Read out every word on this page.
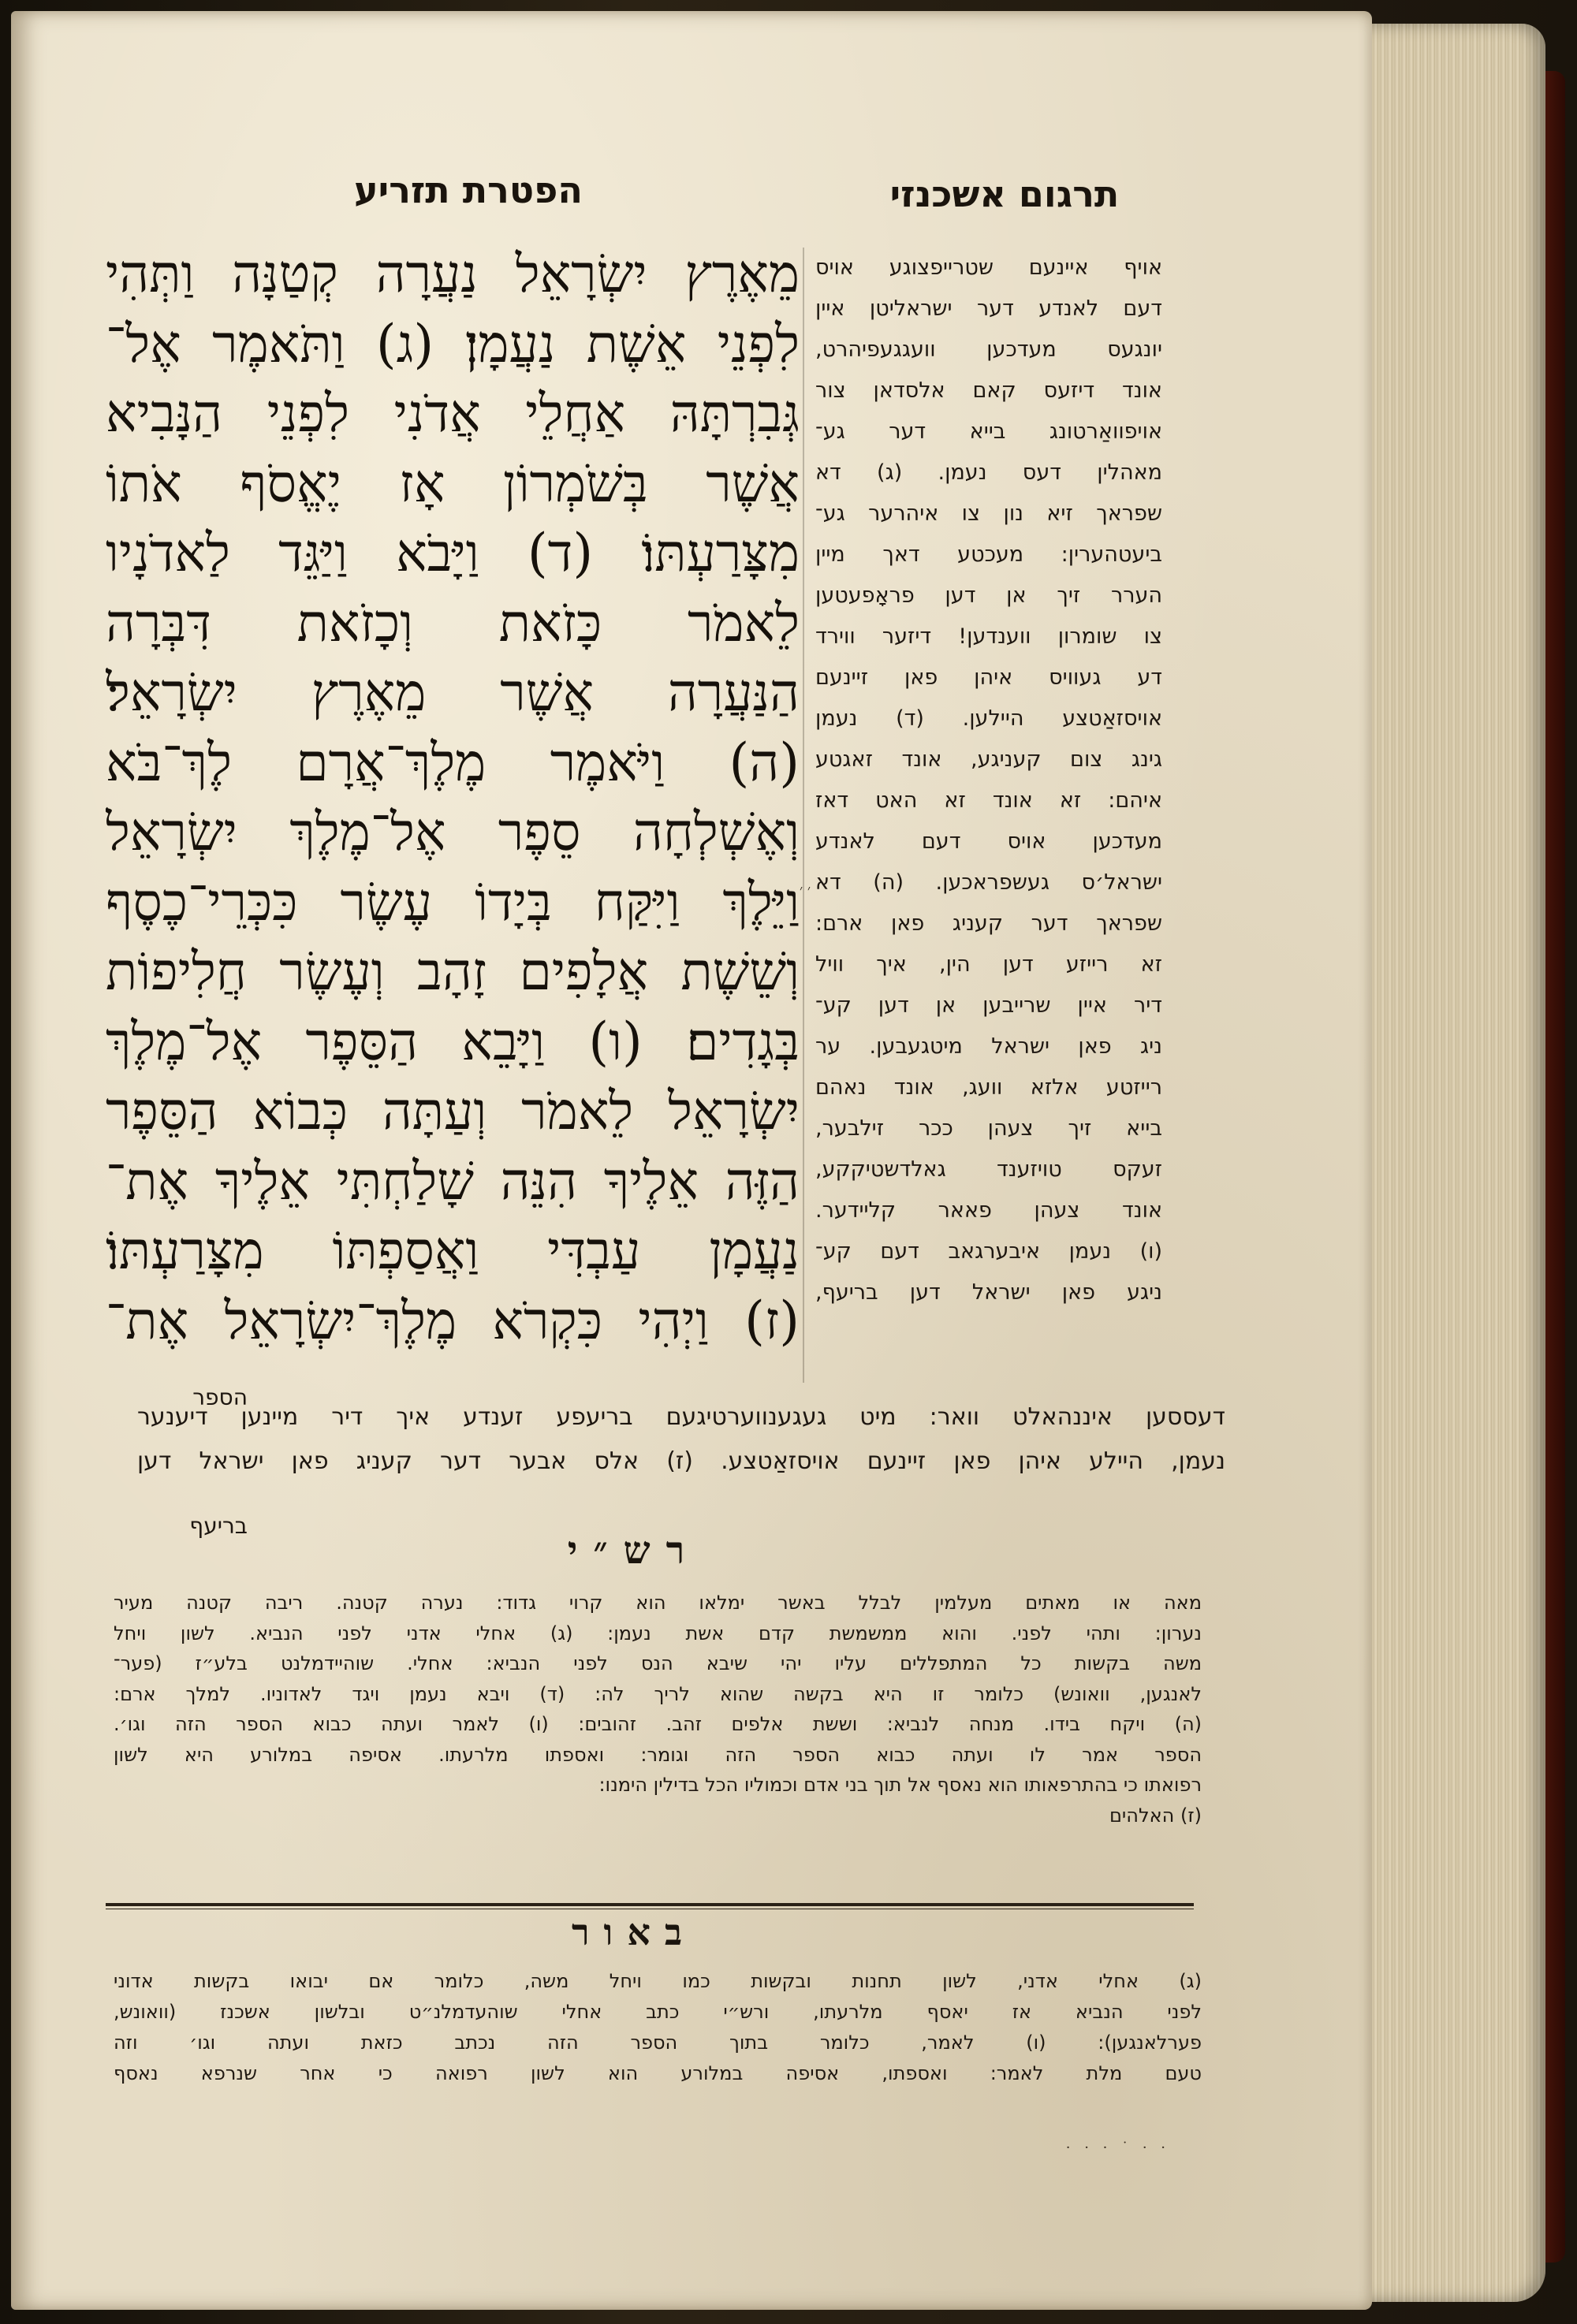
הפטרת תזריע	תרגום אשכנזי
מֵאֶרֶץ יִשְׂרָאֵל נַעֲרָה קְטַנָּה וַתְּהִי
לִפְנֵי אֵשֶׁת נַעֲמָן׃ (ג) וַתֹּאמֶר אֶל־
גְּבִרְתָּהּ אַחֲלֵי אֲדֹנִי לִפְנֵי הַנָּבִיא
אֲשֶׁר בְּשֹׁמְרוֹן אָז יֶאֱסֹף אֹתוֹ
מִצָּרַעְתּוֹ׃ (ד) וַיָּבֹא וַיַּגֵּד לַאדֹנָיו
לֵאמֹר כָּזֹאת וְכָזֹאת דִּבְּרָה
הַנַּעֲרָה אֲשֶׁר מֵאֶרֶץ יִשְׂרָאֵל׃
(ה) וַיֹּאמֶר מֶלֶךְ־אֲרָם לֶךְ־בֹּא
וְאֶשְׁלְחָה סֵפֶר אֶל־מֶלֶךְ יִשְׂרָאֵל
וַיֵּלֶךְ וַיִּקַּח בְּיָדוֹ עֶשֶׂר כִּכְּרֵי־כֶסֶף
וְשֵׁשֶׁת אֲלָפִים זָהָב וְעֶשֶׂר חֲלִיפוֹת
בְּגָדִים׃ (ו) וַיָּבֵא הַסֵּפֶר אֶל־מֶלֶךְ
יִשְׂרָאֵל לֵאמֹר וְעַתָּה כְּבוֹא הַסֵּפֶר
הַזֶּה אֵלֶיךָ הִנֵּה שָׁלַחְתִּי אֵלֶיךָ אֶת־
נַעֲמָן עַבְדִּי וַאֲסַפְתּוֹ מִצָּרַעְתּוֹ׃
(ז) וַיְהִי כִּקְרֹא מֶלֶךְ־יִשְׂרָאֵל אֶת־
׳ ׳
אויף איינעם שטרייפצוגע אויס
דעם לאנדע דער ישראליטן איין
יונגעס מעדכען וועגגעפיהרט,
אונד דיזעס קאם אלסדאן צור
אויפוואַרטונג בייא דער גע־
מאהלין דעס נעמן. (ג) דא
שפראך זיא נון צו איהרער גע־
ביעטהערין: מעכטע דאך מיין
הערר זיך אן דען פראָפעטען
צו שומרון ווענדען! דיזער ווירד
דע געוויס איהן פאן זיינעם
אויסזאַטצע היילען. (ד) נעמן
גינג צום קעניגע, אונד זאגטע
איהם: זא אונד זא האט דאז
מעדכען אויס דעם לאנדע
ישראל׳ס געשפראכען. (ה) דא
שפראך דער קעניג פאן ארם:
זא רייזע דען הין, איך וויל
דיר איין שרייבען אן דען קע־
ניג פאן ישראל מיטגעבען. ער
רייזטע אלזא וועג, אונד נאהם
בייא זיך צעהן ככר זילבער,
זעקס טויזענד גאלדשטיקקע,
אונד צעהן פאאר קליידער.
(ו) נעמן איבערגאב דעם קע־
ניגע פאן ישראל דען בריעף,
הספר
דעססען איננהאלט וואר: מיט געגענווערטיגעם בריעפע זענדע איך דיר מיינען דיענער
נעמן, היילע איהן פאן זיינעם אויסזאַטצע. (ז) אלס אבער דער קעניג פאן ישראל דען
בריעף
רש״י
מאה או מאתים מעלמין לבלל באשר ימלאו הוא קרוי גדוד: נערה קטנה. ריבה קטנה מעיר
נערון: ותהי לפני. והוא ממשמשת קדם אשת נעמן: (ג) אחלי אדני לפני הנביא. לשון ויחל
משה בקשות כל המתפללים עליו יהי שיבא הנס לפני הנביא: אחלי. שוהיידמלנט בלע״ז (פער־
לאנגען, וואונש) כלומר זו היא בקשה שהוא לריך לה: (ד) ויבא נעמן ויגד לאדוניו. למלך ארם:
(ה) ויקח בידו. מנחה לנביא: וששת אלפים זהב. זהובים: (ו) לאמר ועתה כבוא הספר הזה וגו׳.
הספר אמר לו ועתה כבוא הספר הזה וגומר: ואספתו מלרעתו. אסיפה במלורע היא לשון
רפואתו כי בהתרפאותו הוא נאסף אל תוך בני אדם וכמוליו הכל בדילין הימנו:
(ז) האלהים
באור
(ג) אחלי אדני, לשון תחנות ובקשות כמו ויחל משה, כלומר אם יבואו בקשות אדוני
לפני הנביא אז יאסף מלרעתו, ורש״י כתב אחלי שוהעדמלנ״ט ובלשון אשכנז (וואונש,
פערלאנגען): (ו) לאמר, כלומר בתוך הספר הזה נכתב כזאת ועתה וגו׳ וזה
טעם מלת לאמר: ואספתו, אסיפה במלורע הוא לשון רפואה כי אחר שנרפא נאסף
· · · ˙ · ·
